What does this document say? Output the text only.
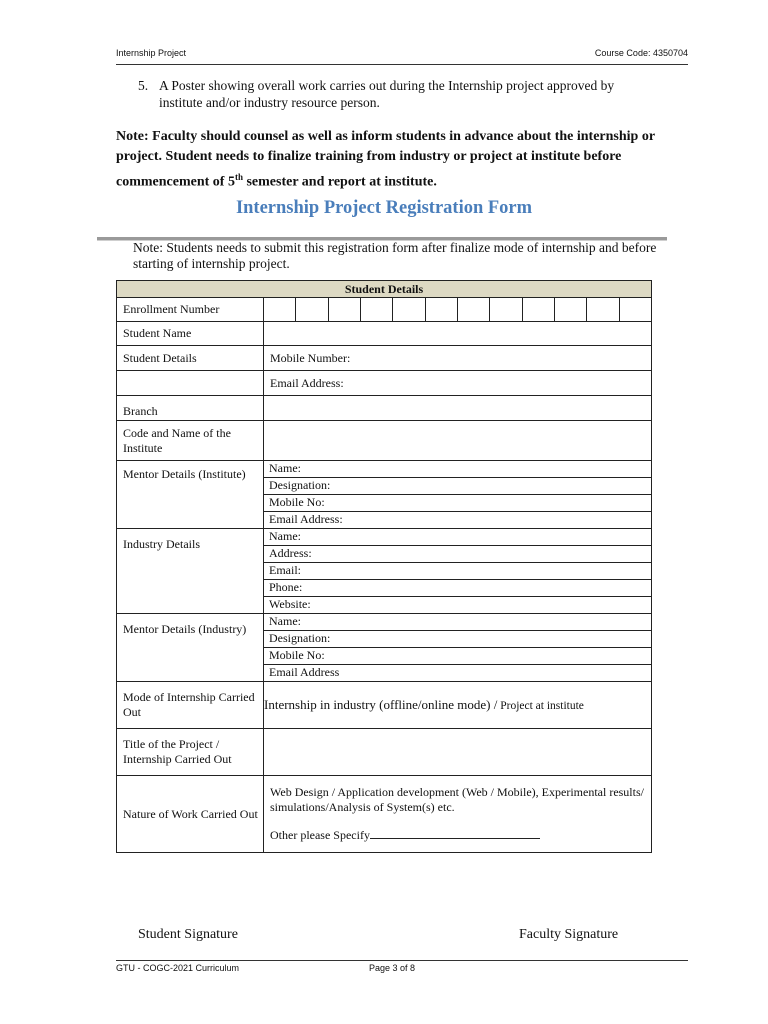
Internship Project	Course Code: 4350704
5. A Poster showing overall work carries out during the Internship project approved by institute and/or industry resource person.
Note: Faculty should counsel as well as inform students in advance about the internship or project. Student needs to finalize training from industry or project at institute before commencement of 5th semester and report at institute.
Internship Project Registration Form
Note: Students needs to submit this registration form after finalize mode of internship and before starting of internship project.
Student Details	
Enrollment Number	

Student Name	
Student Details	Mobile Number:
	Email Address:
Branch	
Code and Name of the Institute	
Mentor Details (Institute)	Name:
	Designation:
	Mobile No:
	Email Address:
Industry Details	Name:
	Address:
	Email:
	Phone:
	Website:
Mentor Details (Industry)	Name:
	Designation:
	Mobile No:
	Email Address
Mode of Internship Carried Out	Internship in industry (offline/online mode) / Project at institute
Title of the Project / Internship Carried Out	
Nature of Work Carried Out	Web Design / Application development (Web / Mobile), Experimental results/ simulations/Analysis of System(s) etc.
Other please Specify
Student Signature	Faculty Signature
GTU - COGC-2021 Curriculum	Page 3 of 8
